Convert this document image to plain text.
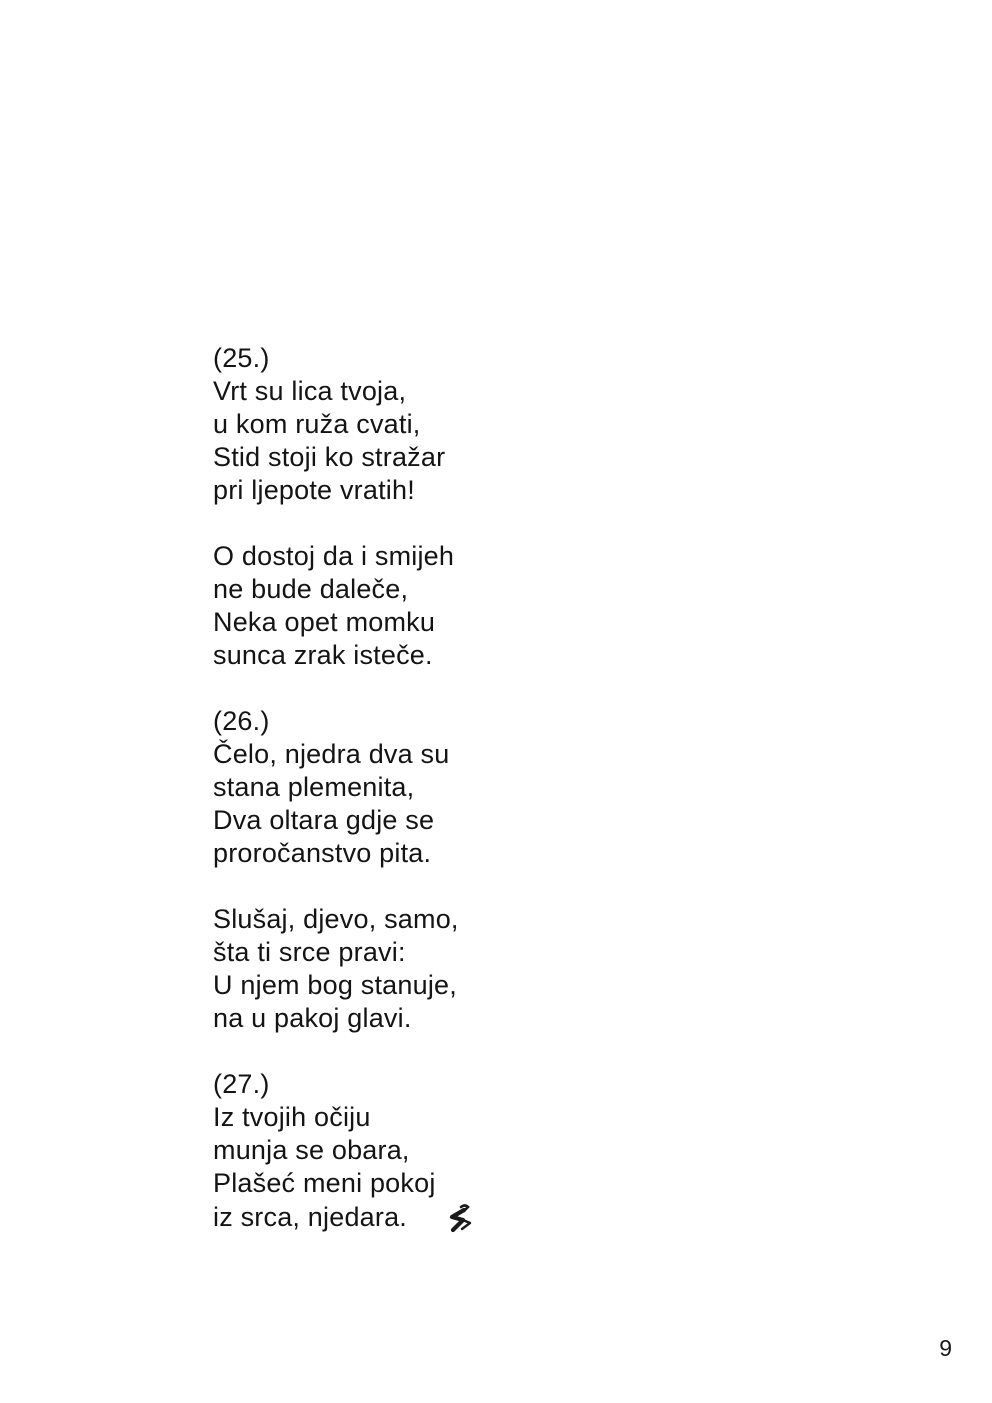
(25.)
Vrt su lica tvoja,
u kom ruža cvati,
Stid stoji ko stražar
pri ljepote vratih!
O dostoj da i smijeh
ne bude daleče,
Neka opet momku
sunca zrak isteče.
(26.)
Čelo, njedra dva su
stana plemenita,
Dva oltara gdje se
proročanstvo pita.
Slušaj, djevo, samo,
šta ti srce pravi:
U njem bog stanuje,
na u pakoj glavi.
(27.)
Iz tvojih očiju
munja se obara,
Plašeć meni pokoj
iz srca, njedara.
9
